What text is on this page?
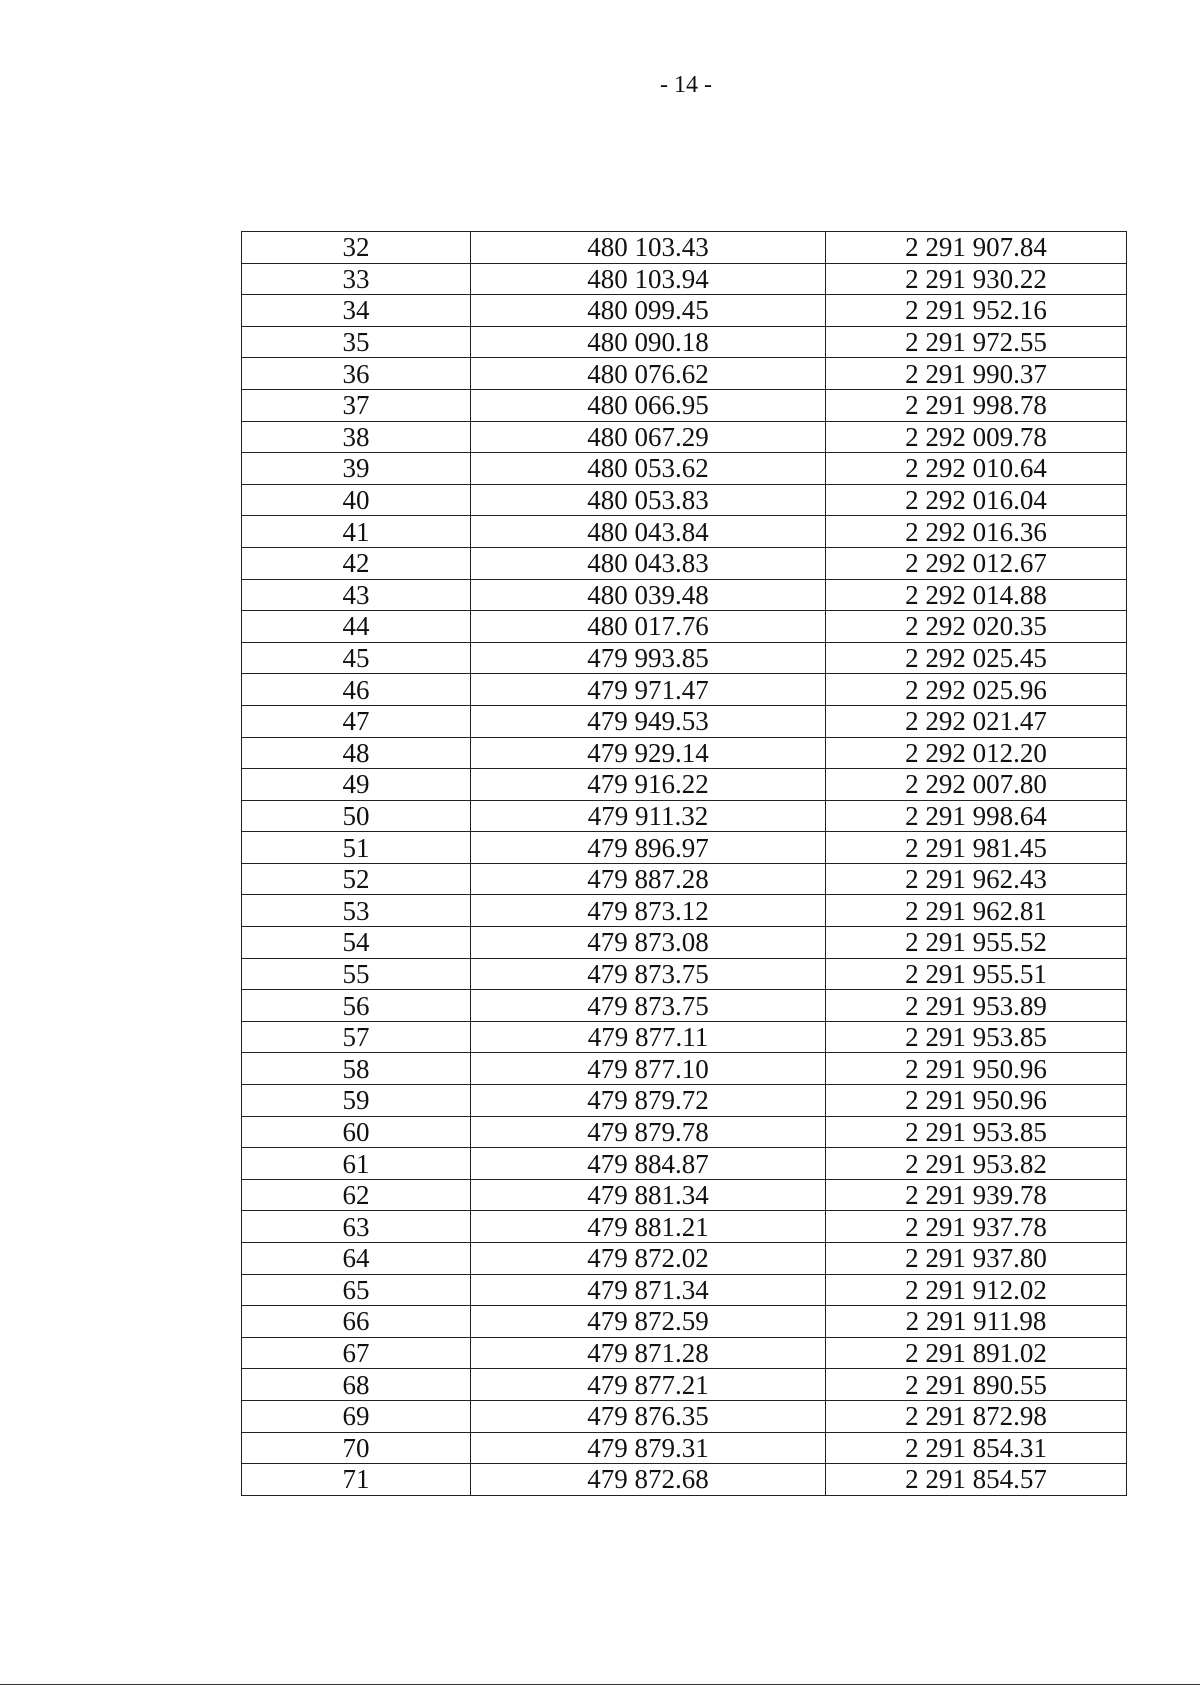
- 14 -
32	480 103.43	2 291 907.84
33	480 103.94	2 291 930.22
34	480 099.45	2 291 952.16
35	480 090.18	2 291 972.55
36	480 076.62	2 291 990.37
37	480 066.95	2 291 998.78
38	480 067.29	2 292 009.78
39	480 053.62	2 292 010.64
40	480 053.83	2 292 016.04
41	480 043.84	2 292 016.36
42	480 043.83	2 292 012.67
43	480 039.48	2 292 014.88
44	480 017.76	2 292 020.35
45	479 993.85	2 292 025.45
46	479 971.47	2 292 025.96
47	479 949.53	2 292 021.47
48	479 929.14	2 292 012.20
49	479 916.22	2 292 007.80
50	479 911.32	2 291 998.64
51	479 896.97	2 291 981.45
52	479 887.28	2 291 962.43
53	479 873.12	2 291 962.81
54	479 873.08	2 291 955.52
55	479 873.75	2 291 955.51
56	479 873.75	2 291 953.89
57	479 877.11	2 291 953.85
58	479 877.10	2 291 950.96
59	479 879.72	2 291 950.96
60	479 879.78	2 291 953.85
61	479 884.87	2 291 953.82
62	479 881.34	2 291 939.78
63	479 881.21	2 291 937.78
64	479 872.02	2 291 937.80
65	479 871.34	2 291 912.02
66	479 872.59	2 291 911.98
67	479 871.28	2 291 891.02
68	479 877.21	2 291 890.55
69	479 876.35	2 291 872.98
70	479 879.31	2 291 854.31
71	479 872.68	2 291 854.57
